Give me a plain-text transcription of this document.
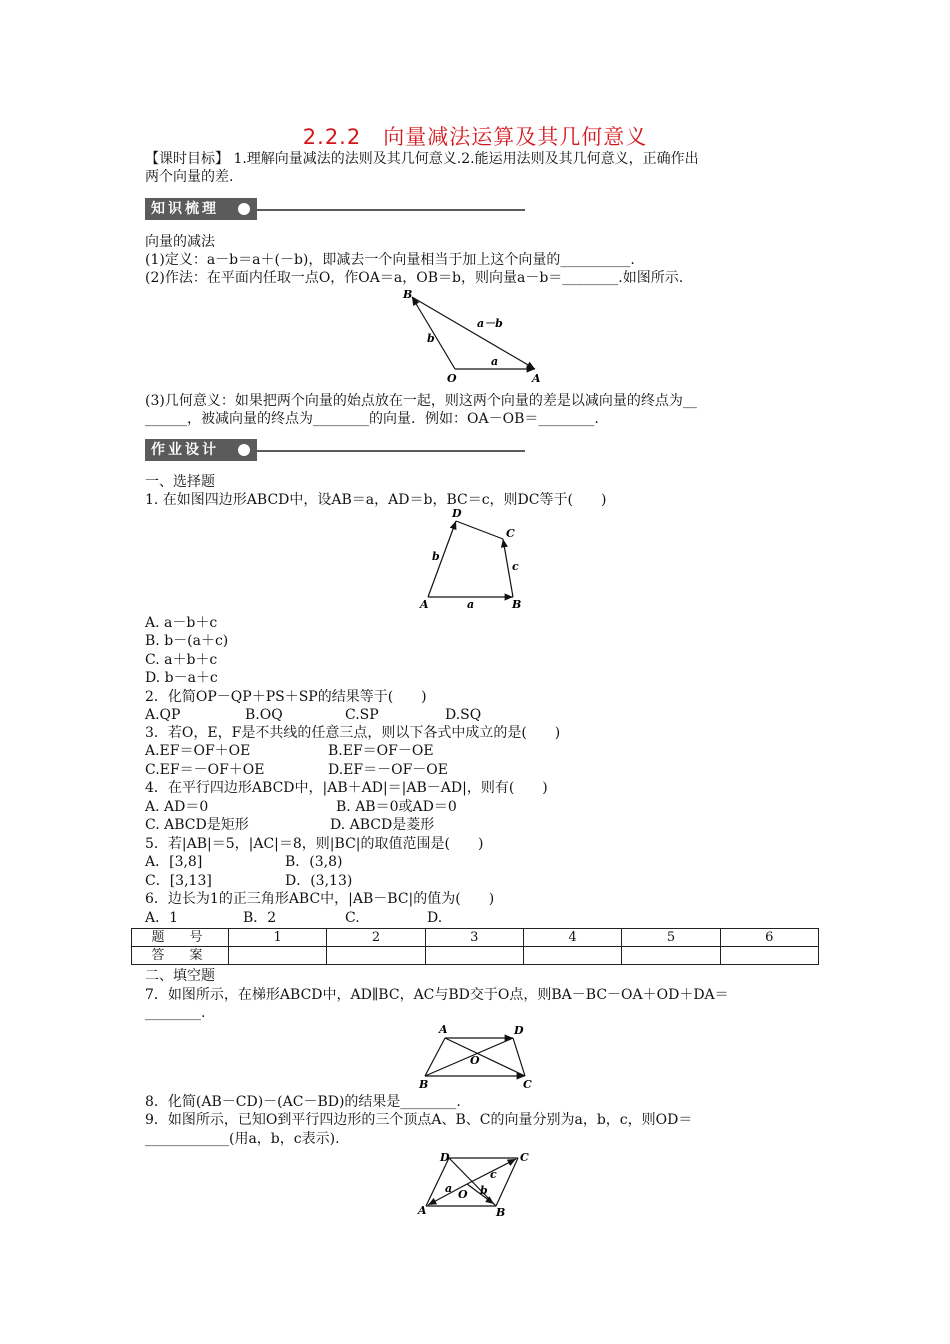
2.2.2　向量减法运算及其几何意义
【课时目标】 1.理解向量减法的法则及其几何意义.2.能运用法则及其几何意义，正确作出
两个向量的差.
知识梳理
向量的减法
(1)定义：a－b＝a＋(－b)，即减去一个向量相当于加上这个向量的__________.
(2)作法：在平面内任取一点O，作OA＝a，OB＝b，则向量a－b＝________.如图所示.
B
O	A
a－b
b
a
(3)几何意义：如果把两个向量的始点放在一起，则这两个向量的差是以减向量的终点为__
______，被减向量的终点为________的向量．例如：OA－OB＝________.
作业设计
一、选择题
1. 在如图四边形ABCD中，设AB＝a，AD＝b，BC＝c，则DC等于(　　)
A	B
C
D
a
b
c
A. a－b＋c
B. b－(a＋c)
C. a＋b＋c
D. b－a＋c
2．化简OP－QP＋PS＋SP的结果等于(　　)
A.QP	B.OQ	C.SP	D.SQ
3．若O，E，F是不共线的任意三点，则以下各式中成立的是(　　)
A.EF＝OF＋OE	B.EF＝OF－OE
C.EF＝－OF＋OE	D.EF＝－OF－OE
4．在平行四边形ABCD中，|AB＋AD|＝|AB－AD|，则有(　　)
A. AD＝0	B. AB＝0或AD＝0
C. ABCD是矩形	D. ABCD是菱形
5．若|AB|＝5，|AC|＝8，则|BC|的取值范围是(　　)
A．[3,8]	B．(3,8)
C．[3,13]	D．(3,13)
6．边长为1的正三角形ABC中，|AB－BC|的值为(　　)
A．1	B．2	C.	D.
题　号	1	2	3	4	5	6
答　案						
二、填空题
7．如图所示，在梯形ABCD中，AD∥BC，AC与BD交于O点，则BA－BC－OA＋OD＋DA＝
________.
A	D
O
B	C
8．化简(AB－CD)－(AC－BD)的结果是________.
9．如图所示，已知O到平行四边形的三个顶点A、B、C的向量分别为a，b，c，则OD＝
____________(用a，b，c表示).
D	C
O
A	B
a	b
c
